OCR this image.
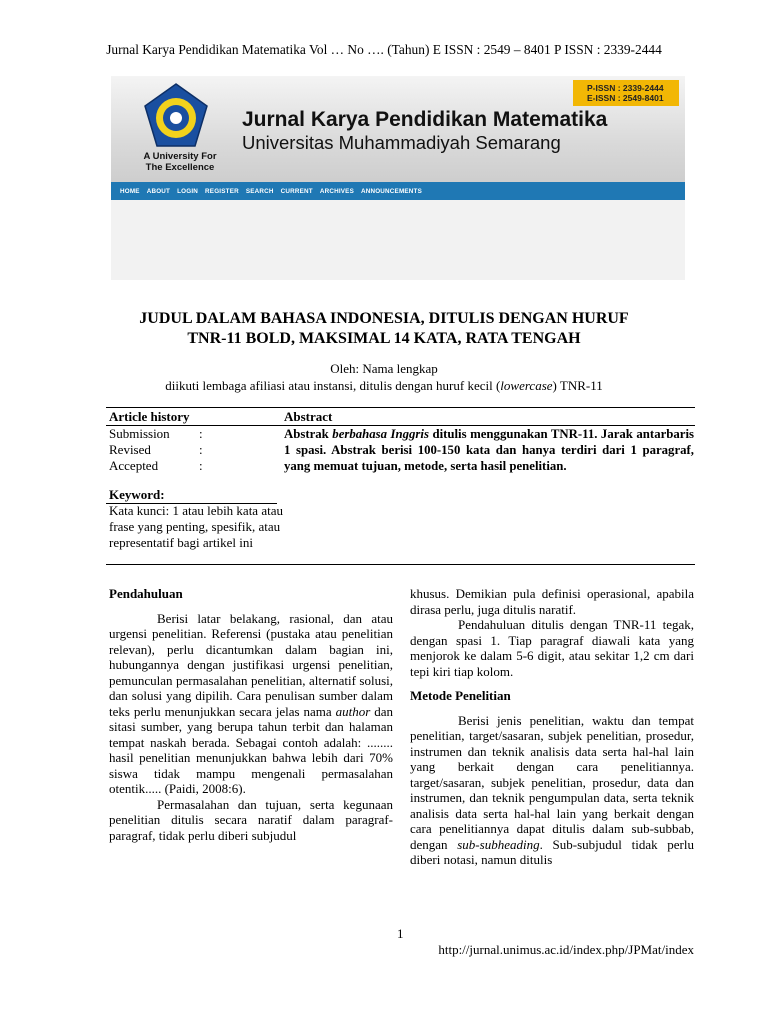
Jurnal Karya Pendidikan Matematika Vol … No …. (Tahun) E ISSN : 2549 – 8401 P ISSN : 2339-2444
A University For
The Excellence
Jurnal Karya Pendidikan Matematika
Universitas Muhammadiyah Semarang
P-ISSN : 2339-2444
E-ISSN : 2549-8401
HOME ABOUT LOGIN REGISTER SEARCH CURRENT ARCHIVES ANNOUNCEMENTS
JUDUL DALAM BAHASA INDONESIA, DITULIS DENGAN HURUF
TNR-11 BOLD, MAKSIMAL 14 KATA, RATA TENGAH
Oleh: Nama lengkap
diikuti lembaga afiliasi atau instansi, ditulis dengan huruf kecil (lowercase) TNR-11
Article history	Abstract
Submission :
Revised	:
Accepted	:
Abstrak berbahasa Inggris ditulis menggunakan TNR-11. Jarak antarbaris 1 spasi. Abstrak berisi 100-150 kata dan hanya terdiri dari 1 paragraf, yang memuat tujuan, metode, serta hasil penelitian.
Keyword:
Kata kunci: 1 atau lebih kata atau frase yang penting, spesifik, atau representatif bagi artikel ini
Pendahuluan

Berisi latar belakang, rasional, dan atau urgensi penelitian. Referensi (pustaka atau penelitian relevan), perlu dicantumkan dalam bagian ini, hubungannya dengan justifikasi urgensi penelitian, pemunculan permasalahan penelitian, alternatif solusi, dan solusi yang dipilih. Cara penulisan sumber dalam teks perlu menunjukkan secara jelas nama author dan sitasi sumber, yang berupa tahun terbit dan halaman tempat naskah berada. Sebagai contoh adalah: ........ hasil penelitian menunjukkan bahwa lebih dari 70% siswa tidak mampu mengenali permasalahan otentik..... (Paidi, 2008:6).

Permasalahan dan tujuan, serta kegunaan penelitian ditulis secara naratif dalam paragraf-paragraf, tidak perlu diberi subjudul

khusus. Demikian pula definisi operasional, apabila dirasa perlu, juga ditulis naratif.

Pendahuluan ditulis dengan TNR-11 tegak, dengan spasi 1. Tiap paragraf diawali kata yang menjorok ke dalam 5-6 digit, atau sekitar 1,2 cm dari tepi kiri tiap kolom.

Metode Penelitian

Berisi jenis penelitian, waktu dan tempat penelitian, target/sasaran, subjek penelitian, prosedur, instrumen dan teknik analisis data serta hal-hal lain yang berkait dengan cara penelitiannya. target/sasaran, subjek penelitian, prosedur, data dan instrumen, dan teknik pengumpulan data, serta teknik analisis data serta hal-hal lain yang berkait dengan cara penelitiannya dapat ditulis dalam sub-subbab, dengan sub-subheading. Sub-subjudul tidak perlu diberi notasi, namun ditulis

1
http://jurnal.unimus.ac.id/index.php/JPMat/index
